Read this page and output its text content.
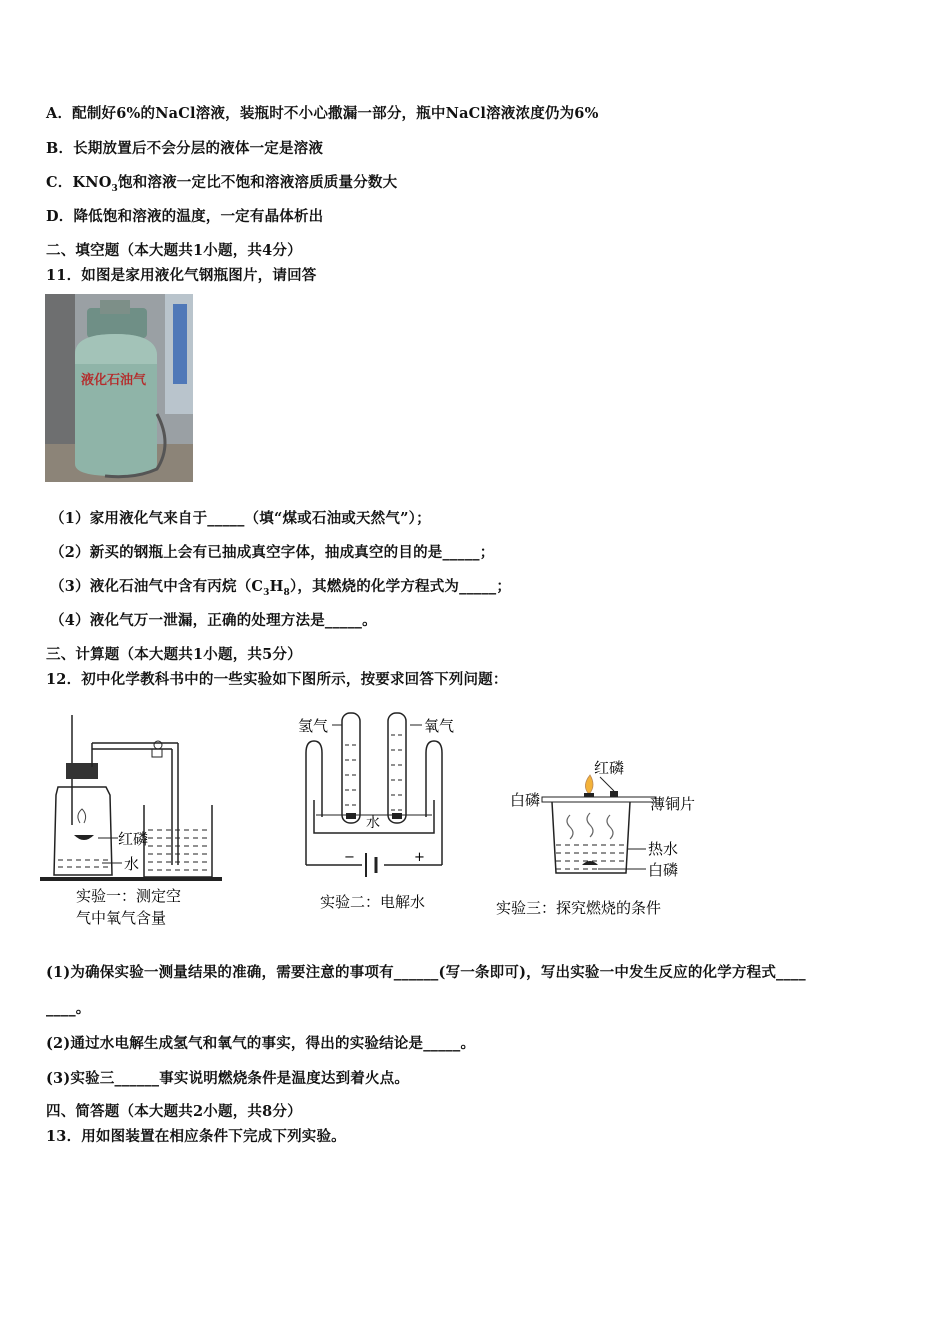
A．配制好6%的NaCl溶液，装瓶时不小心撒漏一部分，瓶中NaCl溶液浓度仍为6%
B．长期放置后不会分层的液体一定是溶液
C．$KNO_3$饱和溶液一定比不饱和溶液溶质质量分数大
D．降低饱和溶液的温度，一定有晶体析出
二、填空题（本大题共1小题，共4分）
11．如图是家用液化气钢瓶图片，请回答
液化石油气
（1）家用液化气来自于_____（填“煤或石油或天然气”）；
（2）新买的钢瓶上会有已抽成真空字体，抽成真空的目的是_____；
（3）液化石油气中含有丙烷$(C_3H_8)$，其燃烧的化学方程式为_____；
（4）液化气万一泄漏，正确的处理方法是_____。
三、计算题（本大题共1小题，共5分）
12．初中化学教科书中的一些实验如下图所示，按要求回答下列问题：
红磷
水
实验一：测定空
气中氧气含量
氢气	氧气
水
−	+
实验二：电解水
红磷
白磷	薄铜片
热水
白磷
实验三：探究燃烧的条件
(1)为确保实验一测量结果的准确，需要注意的事项有______(写一条即可)，写出实验一中发生反应的化学方程式____
____。
(2)通过水电解生成氢气和氧气的事实，得出的实验结论是_____。
(3)实验三______事实说明燃烧条件是温度达到着火点。
四、简答题（本大题共2小题，共8分）
13．用如图装置在相应条件下完成下列实验。
